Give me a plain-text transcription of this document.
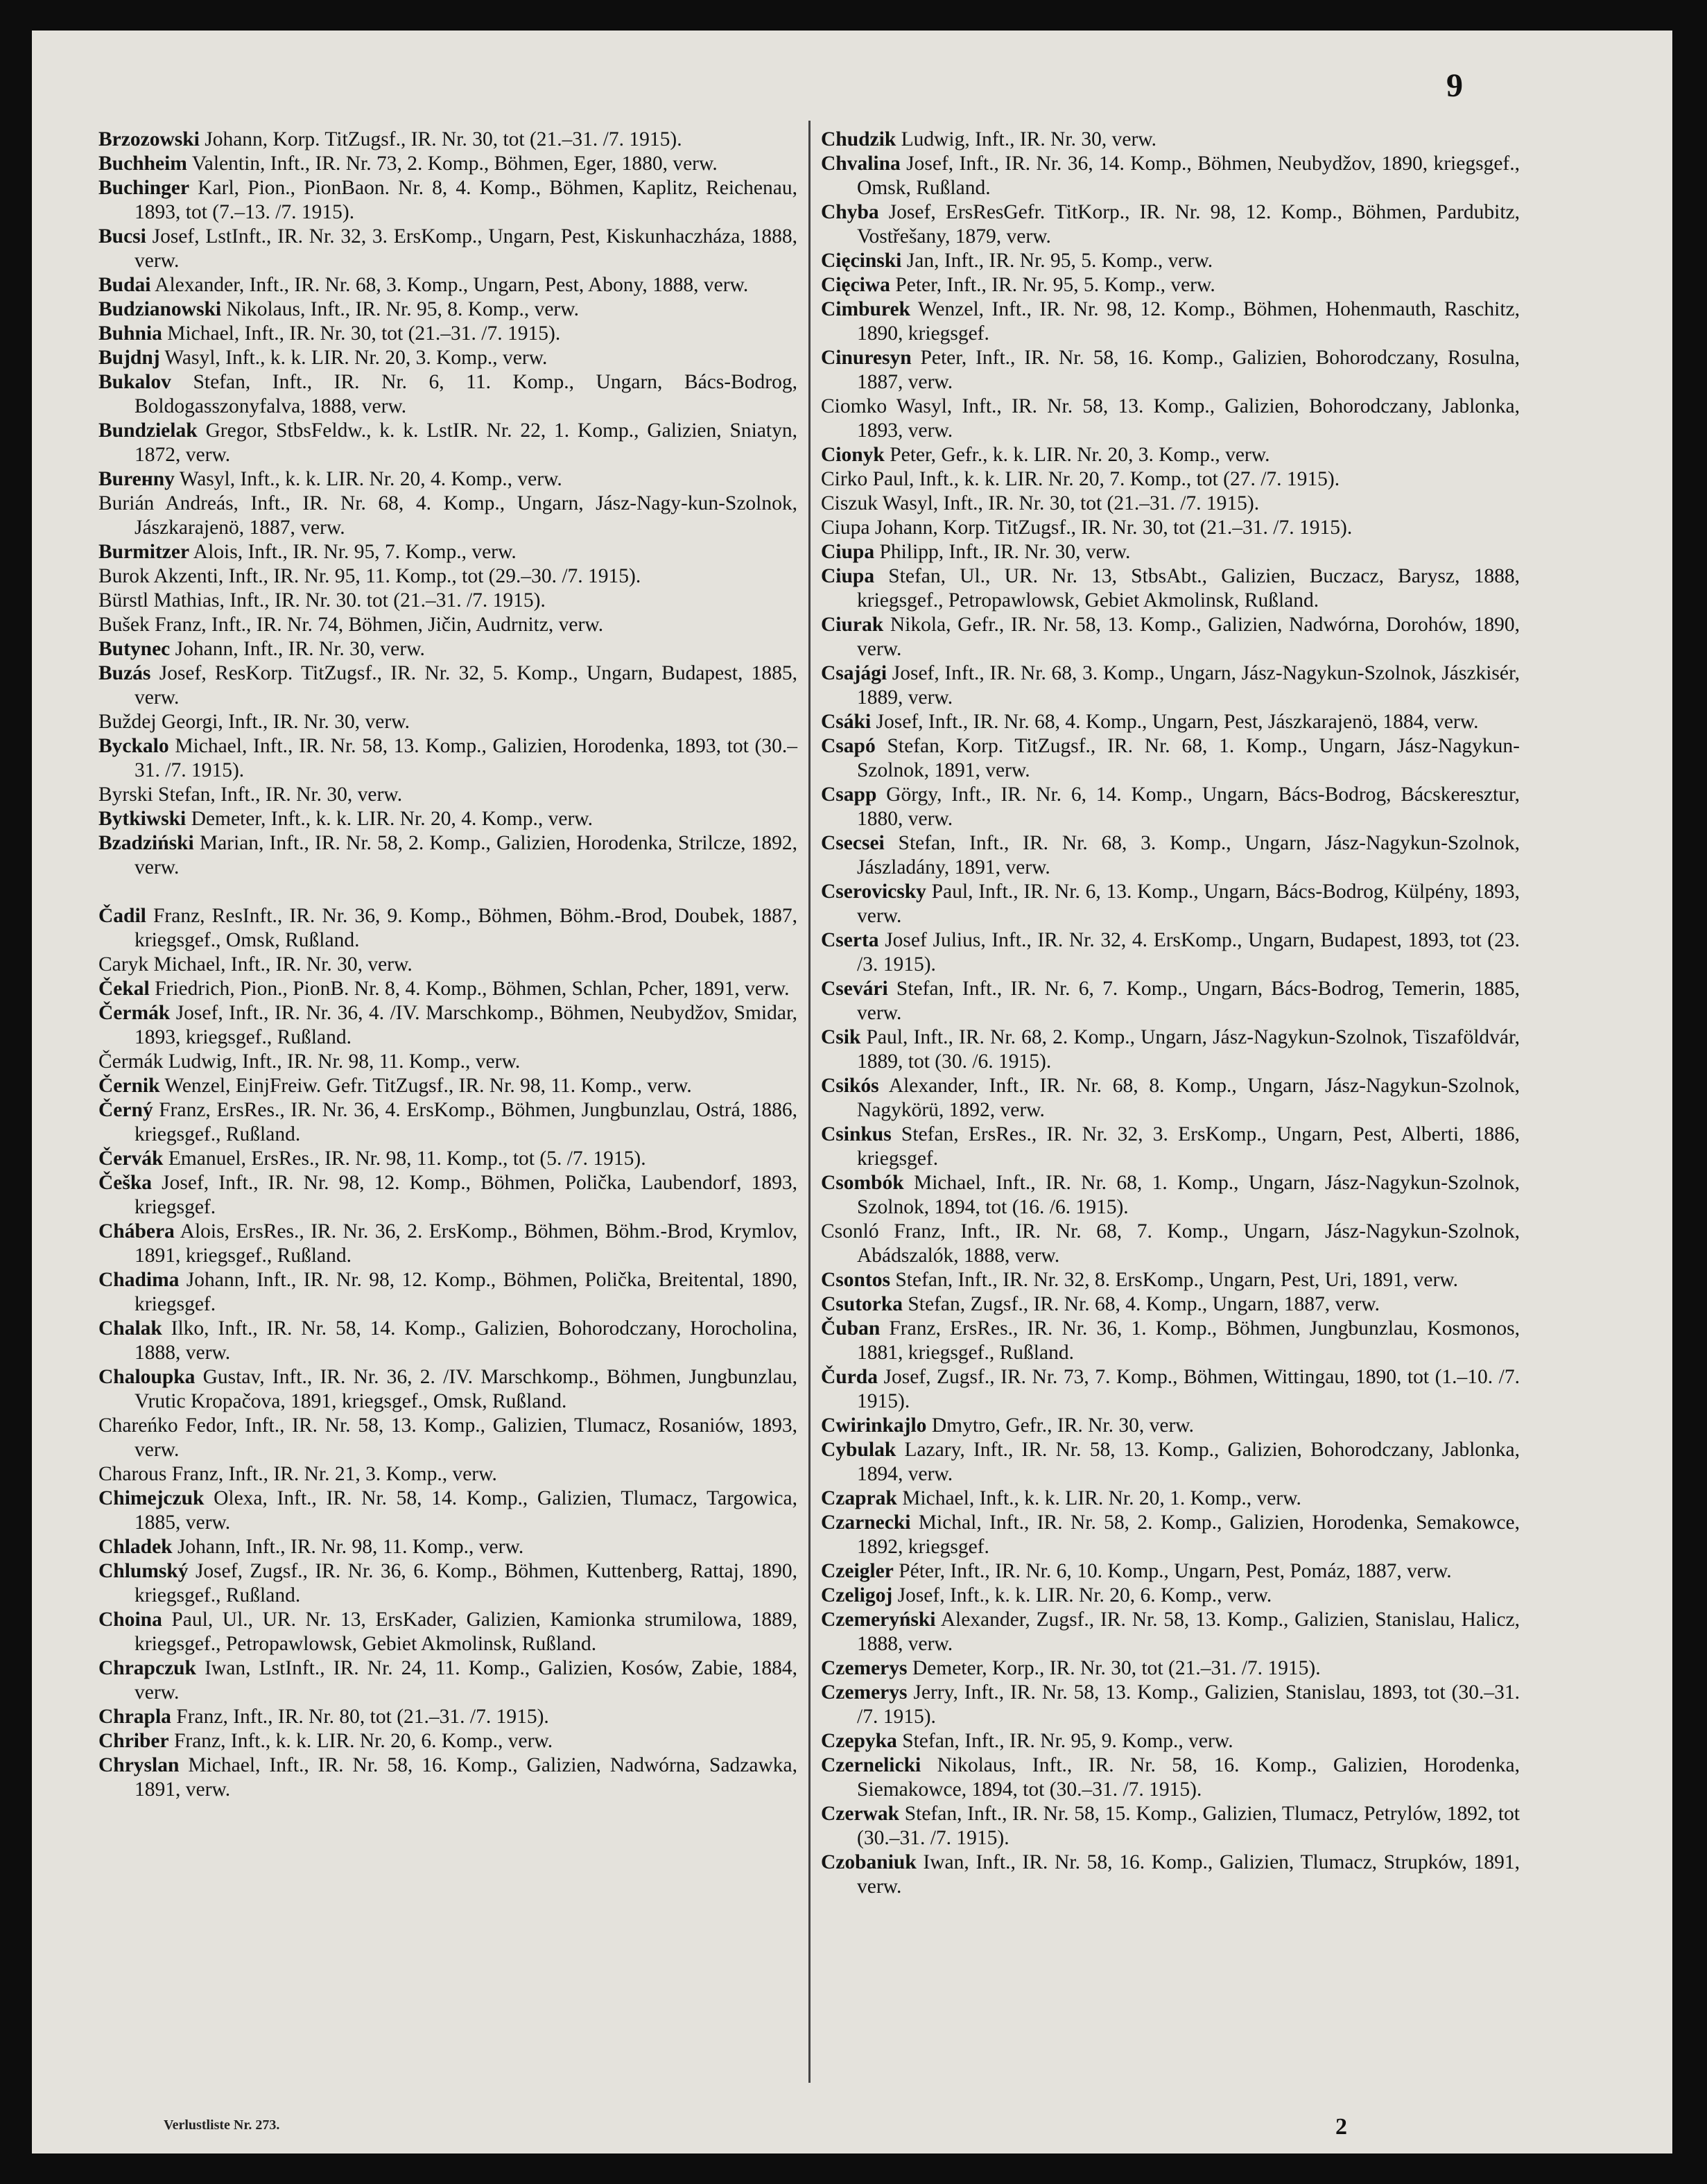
9
Brzozowski Johann, Korp. TitZugsf., IR. Nr. 30, tot (21.–31. /7. 1915).
Buchheim Valentin, Inft., IR. Nr. 73, 2. Komp., Böhmen, Eger, 1880, verw.
Buchinger Karl, Pion., PionBaon. Nr. 8, 4. Komp., Böhmen, Kaplitz, Reichenau, 1893, tot (7.–13. /7. 1915).
Bucsi Josef, LstInft., IR. Nr. 32, 3. ErsKomp., Ungarn, Pest, Kiskunhaczháza, 1888, verw.
Budai Alexander, Inft., IR. Nr. 68, 3. Komp., Ungarn, Pest, Abony, 1888, verw.
Budzianowski Nikolaus, Inft., IR. Nr. 95, 8. Komp., verw.
Buhnia Michael, Inft., IR. Nr. 30, tot (21.–31. /7. 1915).
Bujdnj Wasyl, Inft., k. k. LIR. Nr. 20, 3. Komp., verw.
Bukalov Stefan, Inft., IR. Nr. 6, 11. Komp., Ungarn, Bács-Bodrog, Boldogasszonyfalva, 1888, verw.
Bundzielak Gregor, StbsFeldw., k. k. LstIR. Nr. 22, 1. Komp., Galizien, Sniatyn, 1872, verw.
Bureнny Wasyl, Inft., k. k. LIR. Nr. 20, 4. Komp., verw.
Burián Andreás, Inft., IR. Nr. 68, 4. Komp., Ungarn, Jász-Nagy-kun-Szolnok, Jászkarajenö, 1887, verw.
Burmitzer Alois, Inft., IR. Nr. 95, 7. Komp., verw.
Burok Akzenti, Inft., IR. Nr. 95, 11. Komp., tot (29.–30. /7. 1915).
Bürstl Mathias, Inft., IR. Nr. 30. tot (21.–31. /7. 1915).
Bušek Franz, Inft., IR. Nr. 74, Böhmen, Jičin, Audrnitz, verw.
Butynec Johann, Inft., IR. Nr. 30, verw.
Buzás Josef, ResKorp. TitZugsf., IR. Nr. 32, 5. Komp., Ungarn, Budapest, 1885, verw.
Buždej Georgi, Inft., IR. Nr. 30, verw.
Byckalo Michael, Inft., IR. Nr. 58, 13. Komp., Galizien, Horodenka, 1893, tot (30.–31. /7. 1915).
Byrski Stefan, Inft., IR. Nr. 30, verw.
Bytkiwski Demeter, Inft., k. k. LIR. Nr. 20, 4. Komp., verw.
Bzadziński Marian, Inft., IR. Nr. 58, 2. Komp., Galizien, Horodenka, Strilcze, 1892, verw.
Čadil Franz, ResInft., IR. Nr. 36, 9. Komp., Böhmen, Böhm.-Brod, Doubek, 1887, kriegsgef., Omsk, Rußland.
Caryk Michael, Inft., IR. Nr. 30, verw.
Čekal Friedrich, Pion., PionB. Nr. 8, 4. Komp., Böhmen, Schlan, Pcher, 1891, verw.
Čermák Josef, Inft., IR. Nr. 36, 4. /IV. Marschkomp., Böhmen, Neubydžov, Smidar, 1893, kriegsgef., Rußland.
Čermák Ludwig, Inft., IR. Nr. 98, 11. Komp., verw.
Černik Wenzel, EinjFreiw. Gefr. TitZugsf., IR. Nr. 98, 11. Komp., verw.
Černý Franz, ErsRes., IR. Nr. 36, 4. ErsKomp., Böhmen, Jungbunzlau, Ostrá, 1886, kriegsgef., Rußland.
Červák Emanuel, ErsRes., IR. Nr. 98, 11. Komp., tot (5. /7. 1915).
Češka Josef, Inft., IR. Nr. 98, 12. Komp., Böhmen, Polička, Laubendorf, 1893, kriegsgef.
Chábera Alois, ErsRes., IR. Nr. 36, 2. ErsKomp., Böhmen, Böhm.-Brod, Krymlov, 1891, kriegsgef., Rußland.
Chadima Johann, Inft., IR. Nr. 98, 12. Komp., Böhmen, Polička, Breitental, 1890, kriegsgef.
Chalak Ilko, Inft., IR. Nr. 58, 14. Komp., Galizien, Bohorodczany, Horocholina, 1888, verw.
Chaloupka Gustav, Inft., IR. Nr. 36, 2. /IV. Marschkomp., Böhmen, Jungbunzlau, Vrutic Kropačova, 1891, kriegsgef., Omsk, Rußland.
Chareńko Fedor, Inft., IR. Nr. 58, 13. Komp., Galizien, Tlumacz, Rosaniów, 1893, verw.
Charous Franz, Inft., IR. Nr. 21, 3. Komp., verw.
Chimejczuk Olexa, Inft., IR. Nr. 58, 14. Komp., Galizien, Tlumacz, Targowica, 1885, verw.
Chladek Johann, Inft., IR. Nr. 98, 11. Komp., verw.
Chlumský Josef, Zugsf., IR. Nr. 36, 6. Komp., Böhmen, Kuttenberg, Rattaj, 1890, kriegsgef., Rußland.
Choina Paul, Ul., UR. Nr. 13, ErsKader, Galizien, Kamionka strumilowa, 1889, kriegsgef., Petropawlowsk, Gebiet Akmolinsk, Rußland.
Chrapczuk Iwan, LstInft., IR. Nr. 24, 11. Komp., Galizien, Kosów, Zabie, 1884, verw.
Chrapla Franz, Inft., IR. Nr. 80, tot (21.–31. /7. 1915).
Chriber Franz, Inft., k. k. LIR. Nr. 20, 6. Komp., verw.
Chryslan Michael, Inft., IR. Nr. 58, 16. Komp., Galizien, Nadwórna, Sadzawka, 1891, verw.
Chudzik Ludwig, Inft., IR. Nr. 30, verw.
Chvalina Josef, Inft., IR. Nr. 36, 14. Komp., Böhmen, Neubydžov, 1890, kriegsgef., Omsk, Rußland.
Chyba Josef, ErsResGefr. TitKorp., IR. Nr. 98, 12. Komp., Böhmen, Pardubitz, Vostřešany, 1879, verw.
Cięcinski Jan, Inft., IR. Nr. 95, 5. Komp., verw.
Cięciwa Peter, Inft., IR. Nr. 95, 5. Komp., verw.
Cimburek Wenzel, Inft., IR. Nr. 98, 12. Komp., Böhmen, Hohenmauth, Raschitz, 1890, kriegsgef.
Cinuresyn Peter, Inft., IR. Nr. 58, 16. Komp., Galizien, Bohorodczany, Rosulna, 1887, verw.
Ciomko Wasyl, Inft., IR. Nr. 58, 13. Komp., Galizien, Bohorodczany, Jablonka, 1893, verw.
Cionyk Peter, Gefr., k. k. LIR. Nr. 20, 3. Komp., verw.
Cirko Paul, Inft., k. k. LIR. Nr. 20, 7. Komp., tot (27. /7. 1915).
Ciszuk Wasyl, Inft., IR. Nr. 30, tot (21.–31. /7. 1915).
Ciupa Johann, Korp. TitZugsf., IR. Nr. 30, tot (21.–31. /7. 1915).
Ciupa Philipp, Inft., IR. Nr. 30, verw.
Ciupa Stefan, Ul., UR. Nr. 13, StbsAbt., Galizien, Buczacz, Barysz, 1888, kriegsgef., Petropawlowsk, Gebiet Akmolinsk, Rußland.
Ciurak Nikola, Gefr., IR. Nr. 58, 13. Komp., Galizien, Nadwórna, Dorohów, 1890, verw.
Csajági Josef, Inft., IR. Nr. 68, 3. Komp., Ungarn, Jász-Nagykun-Szolnok, Jászkisér, 1889, verw.
Csáki Josef, Inft., IR. Nr. 68, 4. Komp., Ungarn, Pest, Jászkarajenö, 1884, verw.
Csapó Stefan, Korp. TitZugsf., IR. Nr. 68, 1. Komp., Ungarn, Jász-Nagykun-Szolnok, 1891, verw.
Csapp Görgy, Inft., IR. Nr. 6, 14. Komp., Ungarn, Bács-Bodrog, Bácskeresztur, 1880, verw.
Csecsei Stefan, Inft., IR. Nr. 68, 3. Komp., Ungarn, Jász-Nagykun-Szolnok, Jászladány, 1891, verw.
Cserovicsky Paul, Inft., IR. Nr. 6, 13. Komp., Ungarn, Bács-Bodrog, Külpény, 1893, verw.
Cserta Josef Julius, Inft., IR. Nr. 32, 4. ErsKomp., Ungarn, Budapest, 1893, tot (23. /3. 1915).
Csevári Stefan, Inft., IR. Nr. 6, 7. Komp., Ungarn, Bács-Bodrog, Temerin, 1885, verw.
Csik Paul, Inft., IR. Nr. 68, 2. Komp., Ungarn, Jász-Nagykun-Szolnok, Tiszaföldvár, 1889, tot (30. /6. 1915).
Csikós Alexander, Inft., IR. Nr. 68, 8. Komp., Ungarn, Jász-Nagykun-Szolnok, Nagykörü, 1892, verw.
Csinkus Stefan, ErsRes., IR. Nr. 32, 3. ErsKomp., Ungarn, Pest, Alberti, 1886, kriegsgef.
Csombók Michael, Inft., IR. Nr. 68, 1. Komp., Ungarn, Jász-Nagykun-Szolnok, Szolnok, 1894, tot (16. /6. 1915).
Csonló Franz, Inft., IR. Nr. 68, 7. Komp., Ungarn, Jász-Nagykun-Szolnok, Abádszalók, 1888, verw.
Csontos Stefan, Inft., IR. Nr. 32, 8. ErsKomp., Ungarn, Pest, Uri, 1891, verw.
Csutorka Stefan, Zugsf., IR. Nr. 68, 4. Komp., Ungarn, 1887, verw.
Čuban Franz, ErsRes., IR. Nr. 36, 1. Komp., Böhmen, Jungbunzlau, Kosmonos, 1881, kriegsgef., Rußland.
Čurda Josef, Zugsf., IR. Nr. 73, 7. Komp., Böhmen, Wittingau, 1890, tot (1.–10. /7. 1915).
Cwirinkajlo Dmytro, Gefr., IR. Nr. 30, verw.
Cybulak Lazary, Inft., IR. Nr. 58, 13. Komp., Galizien, Bohorodczany, Jablonka, 1894, verw.
Czaprak Michael, Inft., k. k. LIR. Nr. 20, 1. Komp., verw.
Czarnecki Michal, Inft., IR. Nr. 58, 2. Komp., Galizien, Horodenka, Semakowce, 1892, kriegsgef.
Czeigler Péter, Inft., IR. Nr. 6, 10. Komp., Ungarn, Pest, Pomáz, 1887, verw.
Czeligoj Josef, Inft., k. k. LIR. Nr. 20, 6. Komp., verw.
Czemeryński Alexander, Zugsf., IR. Nr. 58, 13. Komp., Galizien, Stanislau, Halicz, 1888, verw.
Czemerys Demeter, Korp., IR. Nr. 30, tot (21.–31. /7. 1915).
Czemerys Jerry, Inft., IR. Nr. 58, 13. Komp., Galizien, Stanislau, 1893, tot (30.–31. /7. 1915).
Czepyka Stefan, Inft., IR. Nr. 95, 9. Komp., verw.
Czernelicki Nikolaus, Inft., IR. Nr. 58, 16. Komp., Galizien, Horodenka, Siemakowce, 1894, tot (30.–31. /7. 1915).
Czerwak Stefan, Inft., IR. Nr. 58, 15. Komp., Galizien, Tlumacz, Petrylów, 1892, tot (30.–31. /7. 1915).
Czobaniuk Iwan, Inft., IR. Nr. 58, 16. Komp., Galizien, Tlumacz, Strupków, 1891, verw.
Verlustliste Nr. 273.	2
